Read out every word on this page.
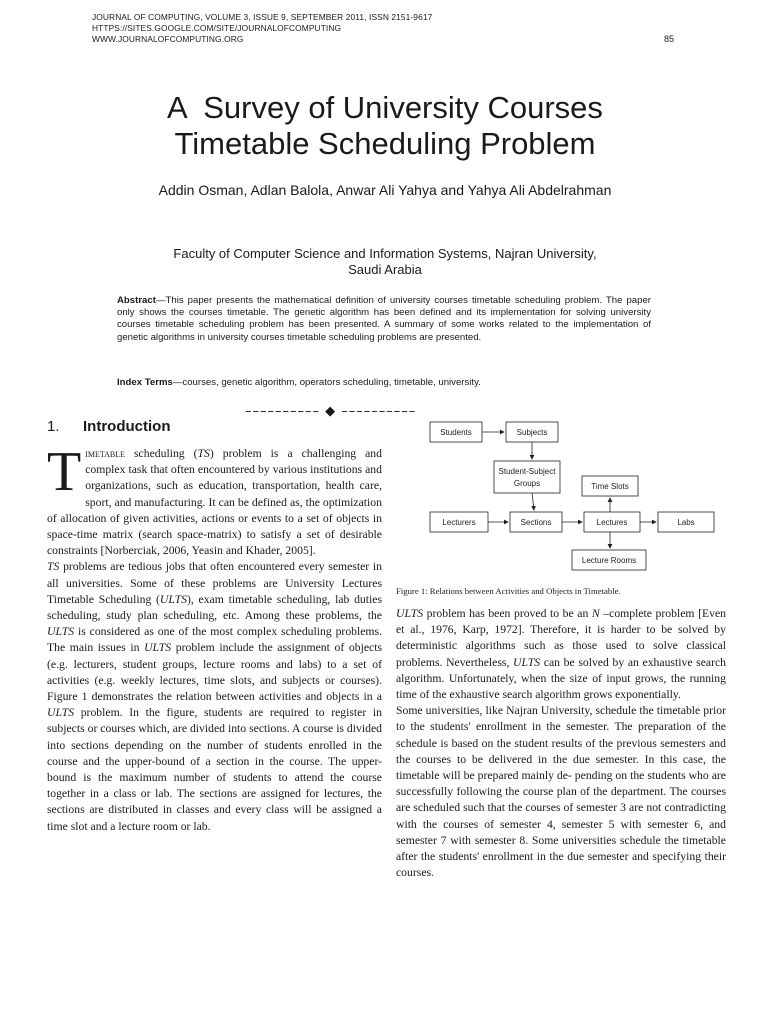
JOURNAL OF COMPUTING, VOLUME 3, ISSUE 9, SEPTEMBER 2011, ISSN 2151-9617
HTTPS://SITES.GOOGLE.COM/SITE/JOURNALOFCOMPUTING
WWW.JOURNALOFCOMPUTING.ORG	85
A  Survey of University Courses
Timetable Scheduling Problem
Addin Osman, Adlan Balola, Anwar Ali Yahya and Yahya Ali Abdelrahman
Faculty of Computer Science and Information Systems, Najran University,
Saudi Arabia

Abstract—This paper presents the mathematical definition of university courses timetable scheduling problem. The paper only shows the courses timetable. The genetic algorithm has been defined and its implementation for solving university courses timetable scheduling problem has been presented. A summary of some works related to the implementation of genetic algorithms in university courses timetable scheduling problems are presented.

Index Terms—courses, genetic algorithm, operators scheduling, timetable, university.

–––––––––– ◆ ––––––––––
1. Introduction

Timetable scheduling (TS) problem is a challenging and complex task that often encountered by various institutions and organizations, such as education, transportation, health care, sport, and manufacturing. It can be defined as, the optimization of allocation of given activities, actions or events to a set of objects in space-time matrix (search space-matrix) to satisfy a set of desirable constraints [Norberciak, 2006, Yeasin and Khader, 2005].

TS problems are tedious jobs that often encountered every semester in all universities. Some of these problems are University Lectures Timetable Scheduling (ULTS), exam timetable scheduling, lab duties scheduling, study plan scheduling, etc. Among these problems, the ULTS is considered as one of the most complex scheduling problems. The main issues in ULTS problem include the assignment of objects (e.g. lecturers, student groups, lecture rooms and labs) to a set of activities (e.g. weekly lectures, time slots, and subjects or courses). Figure 1 demonstrates the relation between activities and objects in a ULTS problem. In the figure, students are required to register in subjects or courses which, are divided into sections. A course is divided into sections depending on the number of students enrolled in the course and the upper-bound of a section in the course. The upper-bound is the maximum number of students to attend the course together in a class or lab. The sections are assigned for lectures, the sections are distributed in classes and every class will be assigned a time slot and a lecture room or lab.

Students	Subjects
Student-Subject
Groups	Time Slots
Lecturers	Sections	Lectures	Labs
Lecture Rooms
Figure 1: Relations between Activities and Objects in Timetable.

ULTS problem has been proved to be an N –complete problem [Even et al., 1976, Karp, 1972]. Therefore, it is harder to be solved by deterministic algorithms such as those used to solve classical problems. Nevertheless, ULTS can be solved by an exhaustive search algorithm. Unfortunately, when the size of input grows, the running time of the exhaustive search algorithm grows exponentially.

Some universities, like Najran University, schedule the timetable prior to the students' enrollment in the semester. The preparation of the schedule is based on the student results of the previous semesters and the courses to be delivered in the due semester. In this case, the timetable will be prepared mainly de- pending on the students who are successfully following the course plan of the department. The courses are scheduled such that the courses of semester 3 are not contradicting with the courses of semester 4, semester 5 with semester 6, and semester 7 with semester 8. Some universities schedule the timetable after the students' enrollment in the due semester and specifying their courses.
